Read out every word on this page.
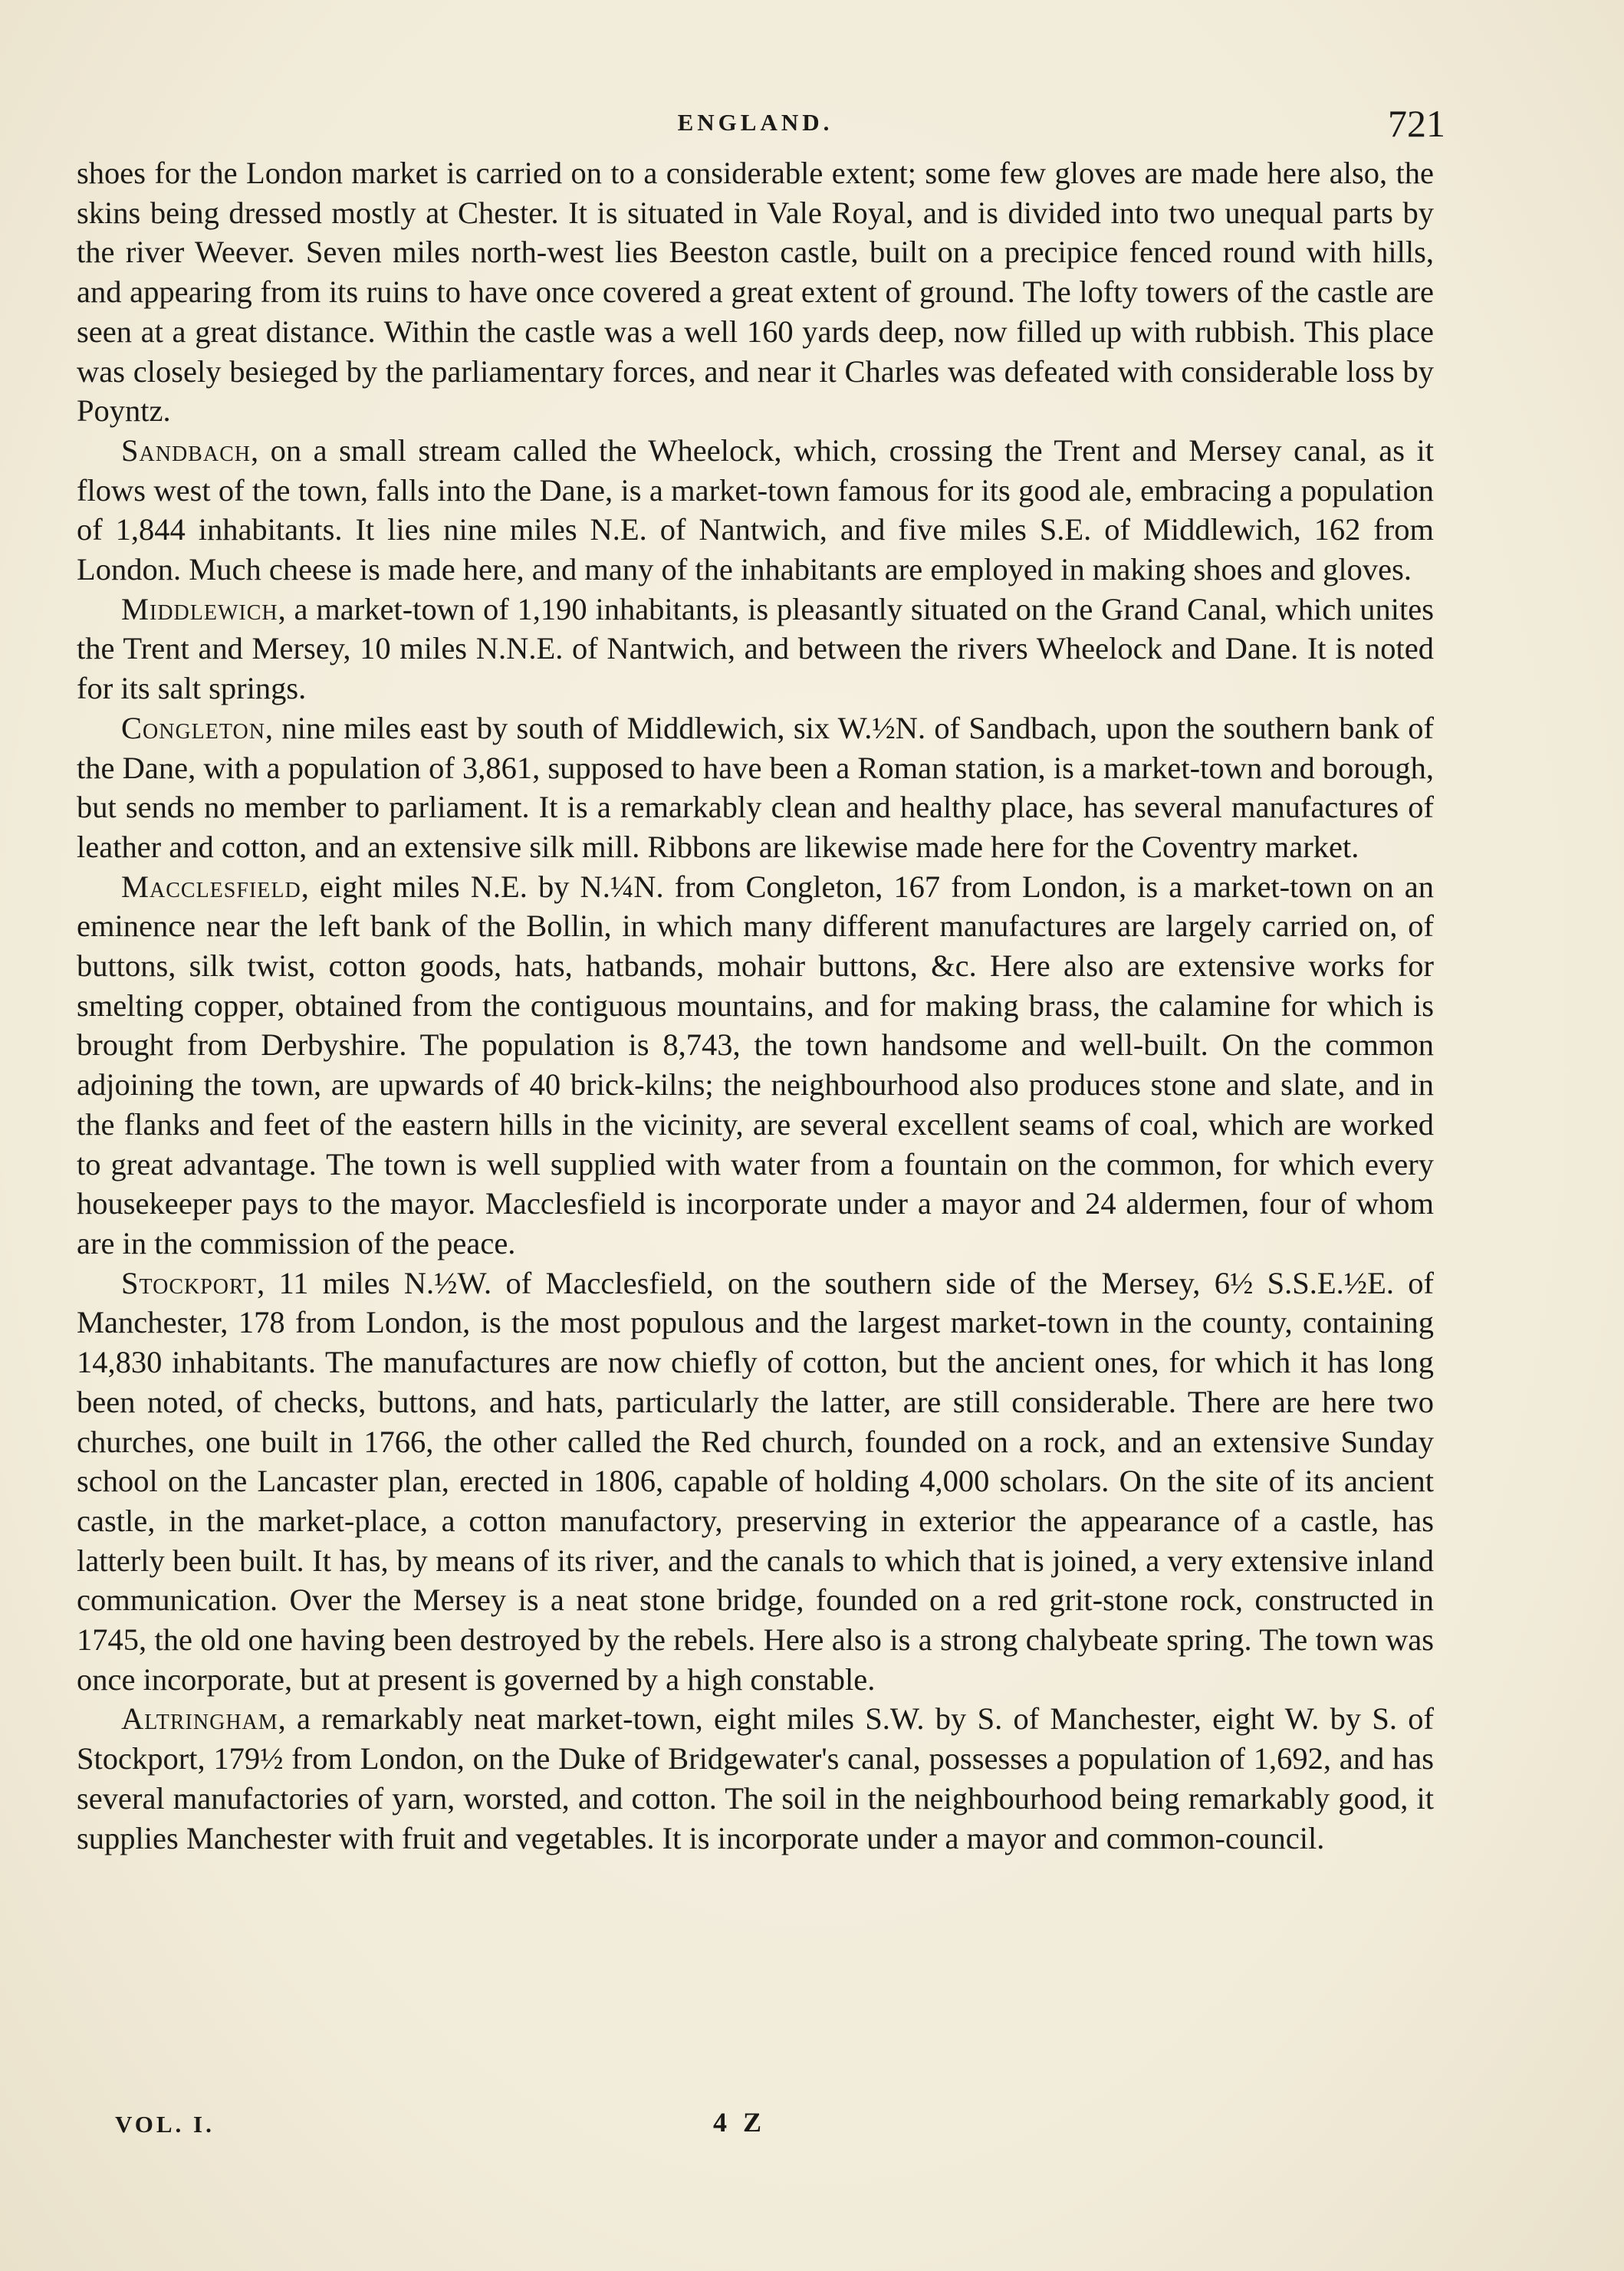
ENGLAND.	721

shoes for the London market is carried on to a considerable extent; some few gloves are made here also, the skins being dressed mostly at Chester. It is situated in Vale Royal, and is divided into two unequal parts by the river Weever. Seven miles north-west lies Beeston castle, built on a precipice fenced round with hills, and appearing from its ruins to have once covered a great extent of ground. The lofty towers of the castle are seen at a great distance. Within the castle was a well 160 yards deep, now filled up with rubbish. This place was closely besieged by the parliamentary forces, and near it Charles was defeated with considerable loss by Poyntz.

Sandbach, on a small stream called the Wheelock, which, crossing the Trent and Mersey canal, as it flows west of the town, falls into the Dane, is a market-town famous for its good ale, embracing a population of 1,844 inhabitants. It lies nine miles N.E. of Nantwich, and five miles S.E. of Middlewich, 162 from London. Much cheese is made here, and many of the inhabitants are employed in making shoes and gloves.

Middlewich, a market-town of 1,190 inhabitants, is pleasantly situated on the Grand Canal, which unites the Trent and Mersey, 10 miles N.N.E. of Nantwich, and between the rivers Wheelock and Dane. It is noted for its salt springs.

Congleton, nine miles east by south of Middlewich, six W.½N. of Sandbach, upon the southern bank of the Dane, with a population of 3,861, supposed to have been a Roman station, is a market-town and borough, but sends no member to parliament. It is a remarkably clean and healthy place, has several manufactures of leather and cotton, and an extensive silk mill. Ribbons are likewise made here for the Coventry market.

Macclesfield, eight miles N.E. by N.¼N. from Congleton, 167 from London, is a market-town on an eminence near the left bank of the Bollin, in which many different manufactures are largely carried on, of buttons, silk twist, cotton goods, hats, hatbands, mohair buttons, &c. Here also are extensive works for smelting copper, obtained from the contiguous mountains, and for making brass, the calamine for which is brought from Derbyshire. The population is 8,743, the town handsome and well-built. On the common adjoining the town, are upwards of 40 brick-kilns; the neighbourhood also produces stone and slate, and in the flanks and feet of the eastern hills in the vicinity, are several excellent seams of coal, which are worked to great advantage. The town is well supplied with water from a fountain on the common, for which every housekeeper pays to the mayor. Macclesfield is incorporate under a mayor and 24 aldermen, four of whom are in the commission of the peace.

Stockport, 11 miles N.½W. of Macclesfield, on the southern side of the Mersey, 6½ S.S.E.½E. of Manchester, 178 from London, is the most populous and the largest market-town in the county, containing 14,830 inhabitants. The manufactures are now chiefly of cotton, but the ancient ones, for which it has long been noted, of checks, buttons, and hats, particularly the latter, are still considerable. There are here two churches, one built in 1766, the other called the Red church, founded on a rock, and an extensive Sunday school on the Lancaster plan, erected in 1806, capable of holding 4,000 scholars. On the site of its ancient castle, in the market-place, a cotton manufactory, preserving in exterior the appearance of a castle, has latterly been built. It has, by means of its river, and the canals to which that is joined, a very extensive inland communication. Over the Mersey is a neat stone bridge, founded on a red grit-stone rock, constructed in 1745, the old one having been destroyed by the rebels. Here also is a strong chalybeate spring. The town was once incorporate, but at present is governed by a high constable.

Altringham, a remarkably neat market-town, eight miles S.W. by S. of Manchester, eight W. by S. of Stockport, 179½ from London, on the Duke of Bridgewater's canal, possesses a population of 1,692, and has several manufactories of yarn, worsted, and cotton. The soil in the neighbourhood being remarkably good, it supplies Manchester with fruit and vegetables. It is incorporate under a mayor and common-council.

VOL. I.	4 Z
